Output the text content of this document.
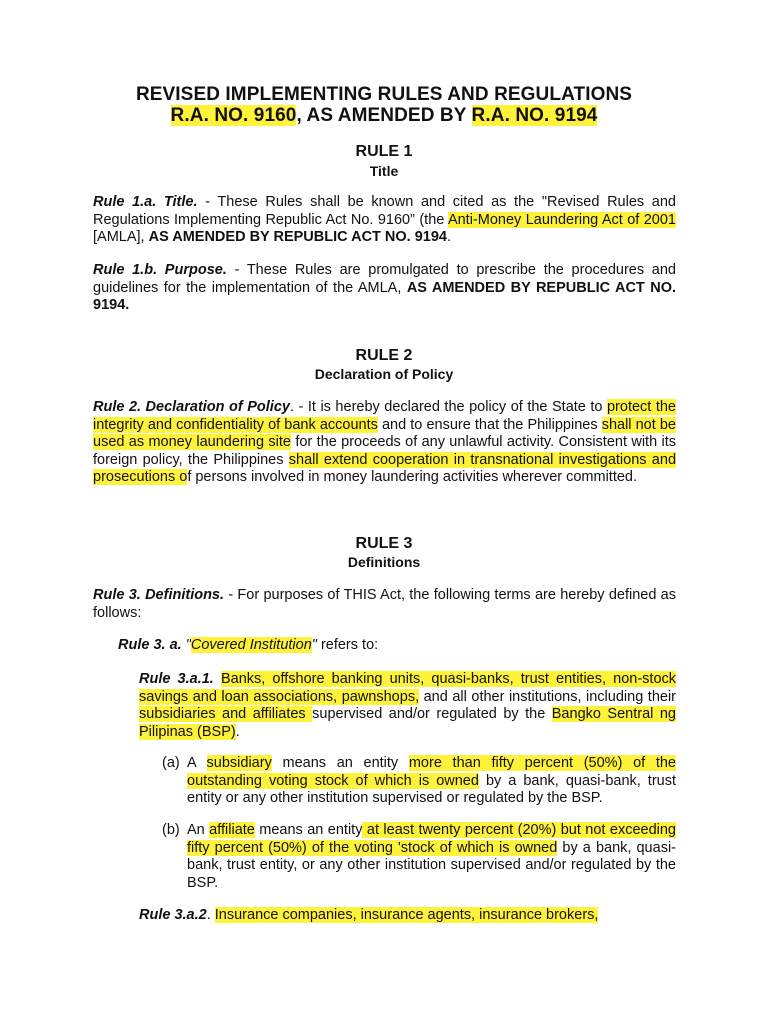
REVISED IMPLEMENTING RULES AND REGULATIONS
R.A. NO. 9160, AS AMENDED BY R.A. NO. 9194
RULE 1
Title
Rule 1.a. Title. - These Rules shall be known and cited as the "Revised Rules and Regulations Implementing Republic Act No. 9160” (the Anti-Money Laundering Act of 2001 [AMLA], AS AMENDED BY REPUBLIC ACT NO. 9194.
Rule 1.b. Purpose. - These Rules are promulgated to prescribe the procedures and guidelines for the implementation of the AMLA, AS AMENDED BY REPUBLIC ACT NO. 9194.
RULE 2
Declaration of Policy
Rule 2. Declaration of Policy. - It is hereby declared the policy of the State to protect the integrity and confidentiality of bank accounts and to ensure that the Philippines shall not be used as money laundering site for the proceeds of any unlawful activity. Consistent with its foreign policy, the Philippines shall extend cooperation in transnational investigations and prosecutions of persons involved in money laundering activities wherever committed.
RULE 3
Definitions
Rule 3. Definitions. - For purposes of THIS Act, the following terms are hereby defined as follows:
Rule 3. a. "Covered Institution" refers to:
Rule 3.a.1. Banks, offshore banking units, quasi-banks, trust entities, non-stock savings and loan associations, pawnshops, and all other institutions, including their subsidiaries and affiliates supervised and/or regulated by the Bangko Sentral ng Pilipinas (BSP).
(a) A subsidiary means an entity more than fifty percent (50%) of the outstanding voting stock of which is owned by a bank, quasi-bank, trust entity or any other institution supervised or regulated by the BSP.
(b) An affiliate means an entity at least twenty percent (20%) but not exceeding fifty percent (50%) of the voting 'stock of which is owned by a bank, quasi-bank, trust entity, or any other institution supervised and/or regulated by the BSP.
Rule 3.a.2. Insurance companies, insurance agents, insurance brokers,
